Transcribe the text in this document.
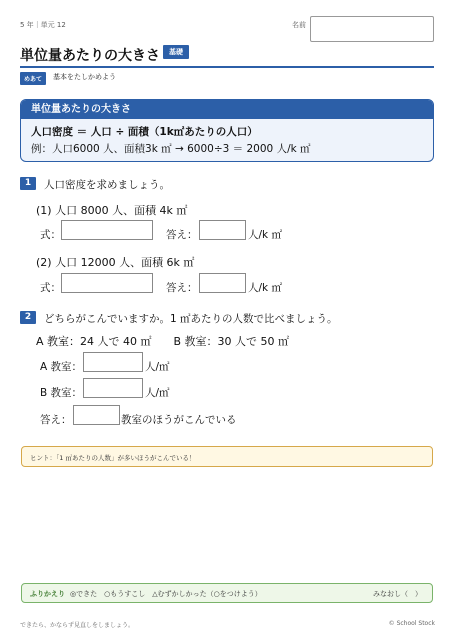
5 年｜単元 12	名前
単位量あたりの大きさ	基礎
めあて	基本をたしかめよう
単位量あたりの大きさ
人口密度 ＝ 人口 ÷ 面積（1k㎡あたりの人口）
例：人口6000 人、面積3k ㎡ → 6000÷3 ＝ 2000 人/k ㎡
1	人口密度を求めましょう。
(1) 人口 8000 人、面積 4k ㎡
式：	答え：	人/k ㎡
(2) 人口 12000 人、面積 6k ㎡
式：	答え：	人/k ㎡
2	どちらがこんでいますか。1 ㎡あたりの人数で比べましょう。
A 教室：24 人で 40 ㎡　　B 教室：30 人で 50 ㎡
A 教室：	人/㎡
B 教室：	人/㎡
答え：	教室のほうがこんでいる
ヒント：「1 ㎡あたりの人数」が多いほうがこんでいる！
ふりかえり ◎できた　○もうすこし　△むずかしかった（○をつけよう）	みなおし（　）
できたら、かならず見直しをしましょう。	© School Stock
